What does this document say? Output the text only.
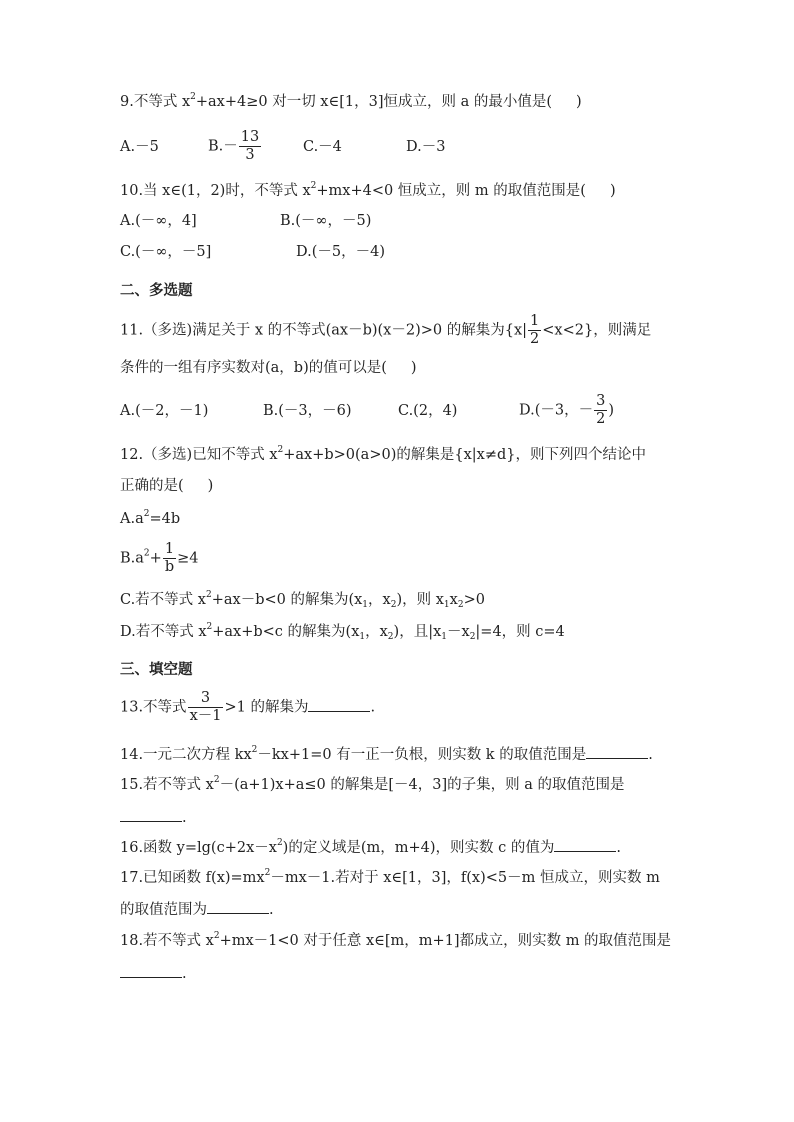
9.不等式 $x^2+ax+4\ge 0$ 对一切 x∈[1，3]恒成立，则 a 的最小值是( )
A.－5	$B.- \frac{13}{3}$	C.－4	D.－3
10.当 x∈(1，2)时，不等式 $x^2+mx+4<0$ 恒成立，则 m 的取值范围是( )
A.(－∞，4]	B.(－∞，－5)
C.(－∞，－5]	D.(－5，－4)
二、多选题
11.（多选)满足关于 x 的不等式(ax－b)(x－2)>0 的解集为$\{x| \frac{1}{2} <x<2\}$，则满足
条件的一组有序实数对(a，b)的值可以是( )
A.(－2，－1)	B.(－3，－6)	C.(2，4)	D.(－3，－ $\frac{3}{2}$ )
12.（多选)已知不等式 $x^2+ax+b>0(a>0)$的解集是{x|x≠d}，则下列四个结论中
正确的是( )
$A.a^2=4b$
$B.a^2+ \frac{1}{b} \ge 4$
C.若不等式 $x^2+ax-b<0$ 的解集为($x_1$，$x_2$)，则 $x_1x_2>0$
D.若不等式 $x^2+ax+b<c$ 的解集为($x_1$，$x_2$)，且$|x_1-x_2|=4$，则 c=4
三、填空题
13.不等式 $\frac{3}{x-1} >1$ 的解集为	.
14.一元二次方程 $kx^2-kx+1=0$ 有一正一负根，则实数 k 的取值范围是	.
15.若不等式 $x^2-(a+1)x+a\le 0$ 的解集是[－4，3]的子集，则 a 的取值范围是
.
16.函数 $y=\lg(c+2x-x^2)$的定义域是(m，m+4)，则实数 c 的值为	.
17.已知函数 $f(x)=mx^2-mx-1$.若对于 x∈[1，3]，f(x)<5－m 恒成立，则实数 m
的取值范围为	.
18.若不等式 $x^2+mx-1<0$ 对于任意 x∈[m，m+1]都成立，则实数 m 的取值范围是
.
